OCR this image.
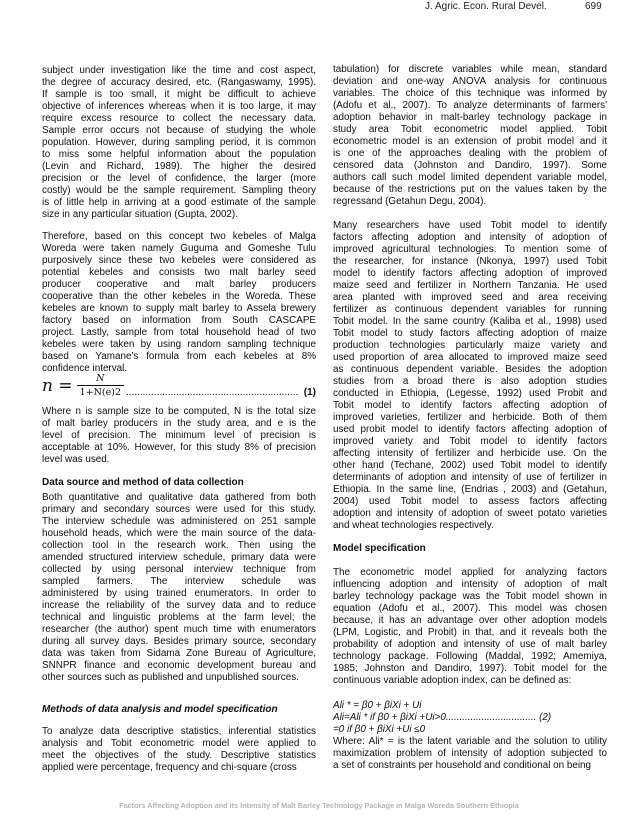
J. Agric. Econ. Rural Devel.	699
subject under investigation like the time and cost aspect,
the degree of accuracy desired, etc. (Rangaswamy, 1995).
If sample is too small, it might be difficult to achieve
objective of inferences whereas when it is too large, it may
require excess resource to collect the necessary data.
Sample error occurs not because of studying the whole
population. However, during sampling period, it is common
to miss some helpful information about the population
(Levin and Richard, 1989). The higher the desired
precision or the level of confidence, the larger (more
costly) would be the sample requirement. Sampling theory
is of little help in arriving at a good estimate of the sample
size in any particular situation (Gupta, 2002).
Therefore, based on this concept two kebeles of Malga
Woreda were taken namely Guguma and Gomeshe Tulu
purposively since these two kebeles were considered as
potential kebeles and consists two malt barley seed
producer cooperative and malt barley producers
cooperative than the other kebeles in the Woreda. These
kebeles are known to supply malt barley to Assela brewery
factory based on information from South CASCAPE
project. Lastly, sample from total household head of two
kebeles were taken by using random sampling technique
based on Yamane's formula from each kebeles at 8%
confidence interval.
$n = \frac{N}{1+N(e)2}$ .............................................................. (1)
Where n is sample size to be computed, N is the total size
of malt barley producers in the study area, and e is the
level of precision. The minimum level of precision is
acceptable at 10%. However, for this study 8% of precision
level was used.
Data source and method of data collection
Both quantitative and qualitative data gathered from both
primary and secondary sources were used for this study.
The interview schedule was administered on 251 sample
household heads, which were the main source of the data-
collection tool in the research work. Then using the
amended structured interview schedule, primary data were
collected by using personal interview technique from
sampled farmers. The interview schedule was
administered by using trained enumerators. In order to
increase the reliability of the survey data and to reduce
technical and linguistic problems at the farm level; the
researcher (the author) spent much time with enumerators
during all survey days. Besides primary source, secondary
data was taken from Sidama Zone Bureau of Agriculture,
SNNPR finance and economic development bureau and
other sources such as published and unpublished sources.
Methods of data analysis and model specification
To analyze data descriptive statistics, inferential statistics
analysis and Tobit econometric model were applied to
meet the objectives of the study. Descriptive statistics
applied were percentage, frequency and chi-square (cross
tabulation) for discrete variables while mean, standard
deviation and one-way ANOVA analysis for continuous
variables. The choice of this technique was informed by
(Adofu et al., 2007). To analyze determinants of farmers'
adoption behavior in malt-barley technology package in
study area Tobit econometric model applied. Tobit
econometric model is an extension of probit model and it
is one of the approaches dealing with the problem of
censored data (Johnston and Dandiro, 1997). Some
authors call such model limited dependent variable model,
because of the restrictions put on the values taken by the
regressand (Getahun Degu, 2004).
Many researchers have used Tobit model to identify
factors affecting adoption and intensity of adoption of
improved agricultural technologies. To mention some of
the researcher, for instance (Nkonya, 1997) used Tobit
model to identify factors affecting adoption of improved
maize seed and fertilizer in Northern Tanzania. He used
area planted with improved seed and area receiving
fertilizer as continuous dependent variables for running
Tobit model. In the same country (Kaliba et al., 1998) used
Tobit model to study factors affecting adoption of maize
production technologies particularly maize variety and
used proportion of area allocated to improved maize seed
as continuous dependent variable. Besides the adoption
studies from a broad there is also adoption studies
conducted in Ethiopia, (Legesse, 1992) used Probit and
Tobit model to identify factors affecting adoption of
improved varieties, fertilizer and herbicide. Both of them
used probit model to identify factors affecting adoption of
improved variety and Tobit model to identify factors
affecting intensity of fertilizer and herbicide use. On the
other hand (Techane, 2002) used Tobit model to identify
determinants of adoption and intensity of use of fertilizer in
Ethiopia. In the same line, (Endrias , 2003) and (Getahun,
2004) used Tobit model to assess factors affecting
adoption and intensity of adoption of sweet potato varieties
and wheat technologies respectively.
Model specification
The econometric model applied for analyzing factors
influencing adoption and intensity of adoption of malt
barley technology package was the Tobit model shown in
equation (Adofu et al., 2007). This model was chosen
because, it has an advantage over other adoption models
(LPM, Logistic, and Probit) in that, and it reveals both the
probability of adoption and intensity of use of malt barley
technology package. Following (Maddal, 1992; Amemiya,
1985; Johnston and Dandiro, 1997). Tobit model for the
continuous variable adoption index, can be defined as:
Ali * = β0 + βiXi + Ui
Ali=Ali * if β0 + βiXi +Ui>0................................. (2)
=0 if β0 + βiXi +Ui ≤0
Where: Ali* = is the latent variable and the solution to utility
maximization problem of intensity of adoption subjected to
a set of constraints per household and conditional on being
Factors Affecting Adoption and its Intensity of Malt Barley Technology Package in Malga Woreda Southern Ethiopia
